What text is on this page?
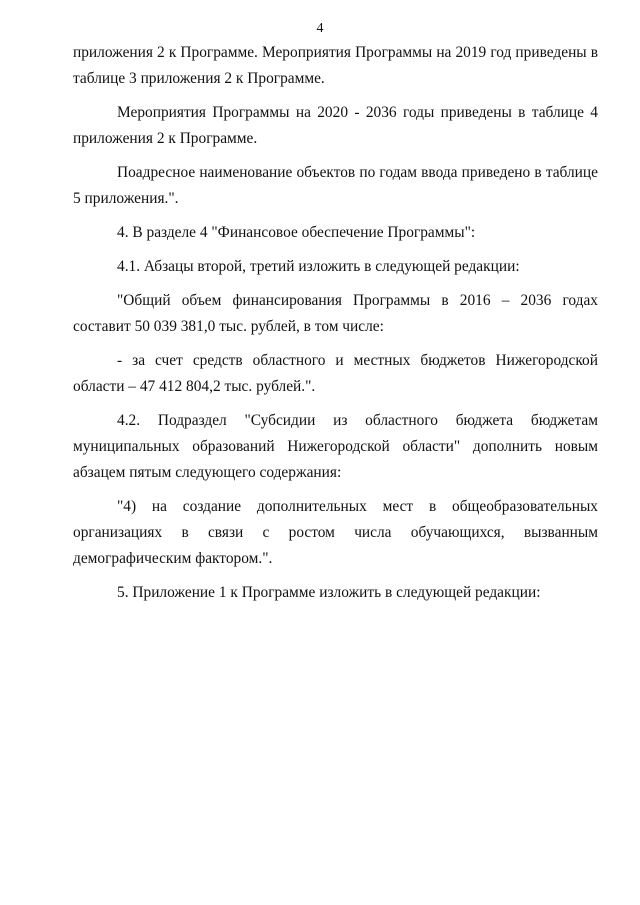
4

приложения 2 к Программе. Мероприятия Программы на 2019 год приведены в таблице 3 приложения 2 к Программе.

Мероприятия Программы на 2020 - 2036 годы приведены в таблице 4 приложения 2 к Программе.

Поадресное наименование объектов по годам ввода приведено в таблице 5 приложения.".

4. В разделе 4 "Финансовое обеспечение Программы":

4.1. Абзацы второй, третий изложить в следующей редакции:

"Общий объем финансирования Программы в 2016 – 2036 годах составит 50 039 381,0 тыс. рублей, в том числе:

- за счет средств областного и местных бюджетов Нижегородской области – 47 412 804,2 тыс. рублей.".

4.2. Подраздел "Субсидии из областного бюджета бюджетам муниципальных образований Нижегородской области" дополнить новым абзацем пятым следующего содержания:

"4) на создание дополнительных мест в общеобразовательных организациях в связи с ростом числа обучающихся, вызванным демографическим фактором.".

5. Приложение 1 к Программе изложить в следующей редакции:
